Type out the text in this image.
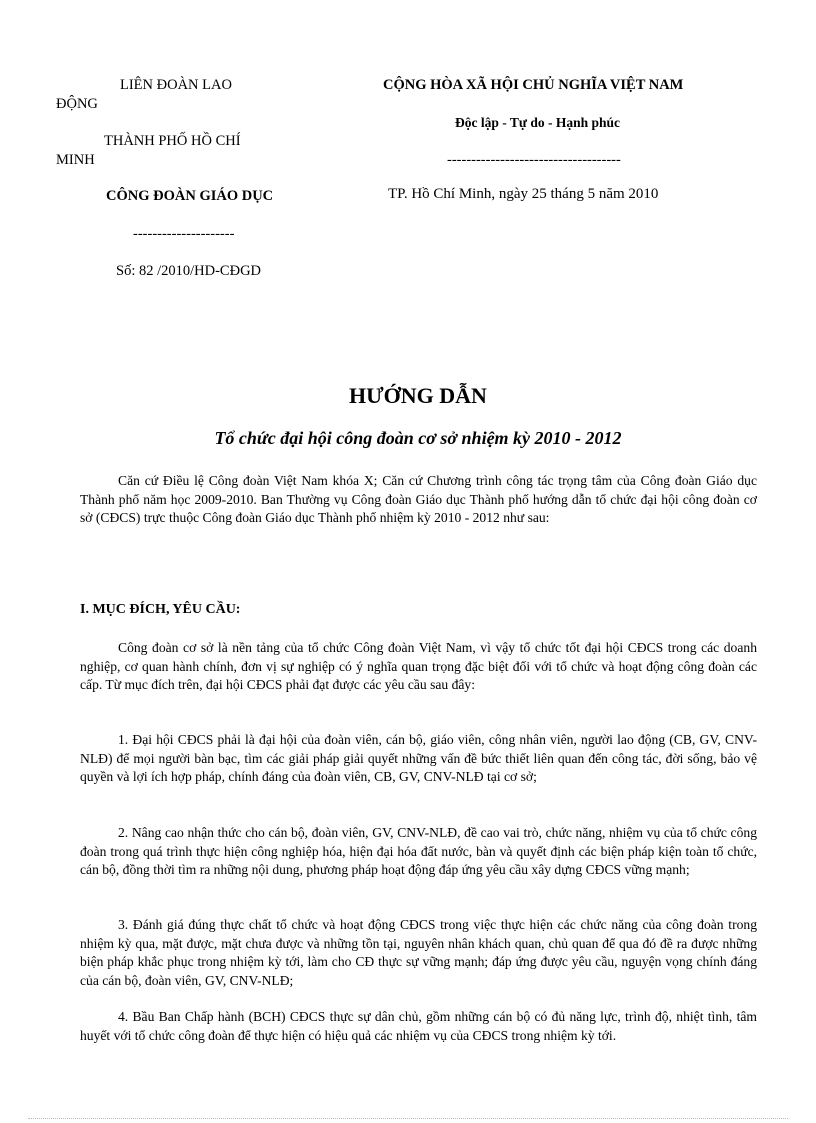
LIÊN ĐOÀN LAO
ĐỘNG
THÀNH PHỐ HỒ CHÍ
MINH
CÔNG ĐOÀN GIÁO DỤC
---------------------
Số: 82 /2010/HD-CĐGD
CỘNG HÒA XÃ HỘI CHỦ NGHĨA VIỆT NAM
Độc lập - Tự do - Hạnh phúc
------------------------------------
TP. Hồ Chí Minh, ngày 25 tháng 5 năm 2010
HƯỚNG DẪN
Tổ chức đại hội công đoàn cơ sở nhiệm kỳ 2010 - 2012
Căn cứ Điều lệ Công đoàn Việt Nam khóa X; Căn cứ Chương trình công tác trọng tâm của Công đoàn Giáo dục Thành phố năm học 2009-2010. Ban Thường vụ Công đoàn Giáo dục Thành phố hướng dẫn tổ chức đại hội công đoàn cơ sở (CĐCS) trực thuộc Công đoàn Giáo dục Thành phố nhiệm kỳ 2010 - 2012 như sau:
I. MỤC ĐÍCH, YÊU CẦU:
Công đoàn cơ sở là nền tảng của tổ chức Công đoàn Việt Nam, vì vậy tổ chức tốt đại hội CĐCS trong các doanh nghiệp, cơ quan hành chính, đơn vị sự nghiệp có ý nghĩa quan trọng đặc biệt đối với tổ chức và hoạt động công đoàn các cấp. Từ mục đích trên, đại hội CĐCS phải đạt được các yêu cầu sau đây:
1. Đại hội CĐCS phải là đại hội của đoàn viên, cán bộ, giáo viên, công nhân viên, người lao động (CB, GV, CNV-NLĐ) để mọi người bàn bạc, tìm các giải pháp giải quyết những vấn đề bức thiết liên quan đến công tác, đời sống, bảo vệ quyền và lợi ích hợp pháp, chính đáng của đoàn viên, CB, GV, CNV-NLĐ tại cơ sở;
2. Nâng cao nhận thức cho cán bộ, đoàn viên, GV, CNV-NLĐ, đề cao vai trò, chức năng, nhiệm vụ của tổ chức công đoàn trong quá trình thực hiện công nghiệp hóa, hiện đại hóa đất nước, bàn và quyết định các biện pháp kiện toàn tổ chức, cán bộ, đồng thời tìm ra những nội dung, phương pháp hoạt động đáp ứng yêu cầu xây dựng CĐCS vững mạnh;
3. Đánh giá đúng thực chất tổ chức và hoạt động CĐCS trong việc thực hiện các chức năng của công đoàn trong nhiệm kỳ qua, mặt được, mặt chưa được và những tồn tại, nguyên nhân khách quan, chủ quan để qua đó đề ra được những biện pháp khắc phục trong nhiệm kỳ tới, làm cho CĐ thực sự vững mạnh; đáp ứng được yêu cầu, nguyện vọng chính đáng của cán bộ, đoàn viên, GV, CNV-NLĐ;
4. Bầu Ban Chấp hành (BCH) CĐCS thực sự dân chủ, gồm những cán bộ có đủ năng lực, trình độ, nhiệt tình, tâm huyết với tổ chức công đoàn để thực hiện có hiệu quả các nhiệm vụ của CĐCS trong nhiệm kỳ tới.
